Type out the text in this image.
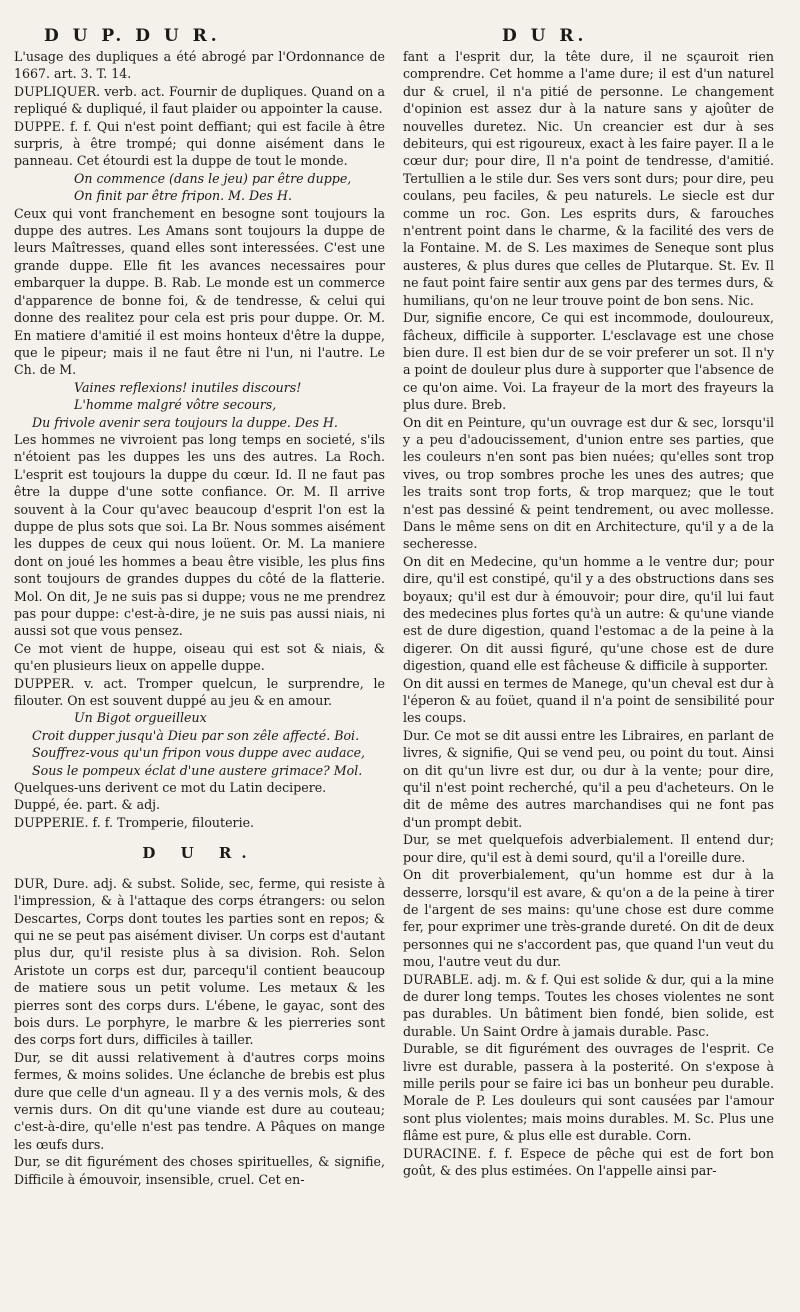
D U P. D U R.	D U R.

L'usage des dupliques a été abrogé par l'Ordonnance de 1667. art. 3. T. 14.

DUPLIQUER. verb. act. Fournir de dupliques. Quand on a repliqué & dupliqué, il faut plaider ou appointer la cause.

DUPPE. f. f. Qui n'est point deffiant; qui est facile à être surpris, à être trompé; qui donne aisément dans le panneau. Cet étourdi est la duppe de tout le monde.

On commence (dans le jeu) par être duppe,

On finit par être fripon. M. Des H.

Ceux qui vont franchement en besogne sont toujours la duppe des autres. Les Amans sont toujours la duppe de leurs Maîtresses, quand elles sont interessées. C'est une grande duppe. Elle fit les avances necessaires pour embarquer la duppe. B. Rab. Le monde est un commerce d'apparence de bonne foi, & de tendresse, & celui qui donne des realitez pour cela est pris pour duppe. Or. M. En matiere d'amitié il est moins honteux d'être la duppe, que le pipeur; mais il ne faut être ni l'un, ni l'autre. Le Ch. de M.

Vaines reflexions! inutiles discours!

L'homme malgré vôtre secours,

Du frivole avenir sera toujours la duppe. Des H.

Les hommes ne vivroient pas long temps en societé, s'ils n'étoient pas les duppes les uns des autres. La Roch. L'esprit est toujours la duppe du cœur. Id. Il ne faut pas être la duppe d'une sotte confiance. Or. M. Il arrive souvent à la Cour qu'avec beaucoup d'esprit l'on est la duppe de plus sots que soi. La Br. Nous sommes aisément les duppes de ceux qui nous loüent. Or. M. La maniere dont on joué les hommes a beau être visible, les plus fins sont toujours de grandes duppes du côté de la flatterie. Mol. On dit, Je ne suis pas si duppe; vous ne me prendrez pas pour duppe: c'est-à-dire, je ne suis pas aussi niais, ni aussi sot que vous pensez.

Ce mot vient de huppe, oiseau qui est sot & niais, & qu'en plusieurs lieux on appelle duppe.

DUPPER. v. act. Tromper quelcun, le surprendre, le filouter. On est souvent duppé au jeu & en amour.

Un Bigot orgueilleux

Croit dupper jusqu'à Dieu par son zêle affecté. Boi.

Souffrez-vous qu'un fripon vous duppe avec audace,

Sous le pompeux éclat d'une austere grimace? Mol.

Quelques-uns derivent ce mot du Latin decipere.

Duppé, ée. part. & adj.

DUPPERIE. f. f. Tromperie, filouterie.

D U R.

DUR, Dure. adj. & subst. Solide, sec, ferme, qui resiste à l'impression, & à l'attaque des corps étrangers: ou selon Descartes, Corps dont toutes les parties sont en repos; & qui ne se peut pas aisément diviser. Un corps est d'autant plus dur, qu'il resiste plus à sa division. Roh. Selon Aristote un corps est dur, parcequ'il contient beaucoup de matiere sous un petit volume. Les metaux & les pierres sont des corps durs. L'ébene, le gayac, sont des bois durs. Le porphyre, le marbre & les pierreries sont des corps fort durs, difficiles à tailler.

Dur, se dit aussi relativement à d'autres corps moins fermes, & moins solides. Une éclanche de brebis est plus dure que celle d'un agneau. Il y a des vernis mols, & des vernis durs. On dit qu'une viande est dure au couteau; c'est-à-dire, qu'elle n'est pas tendre. A Pâques on mange les œufs durs.

Dur, se dit figurément des choses spirituelles, & signifie, Difficile à émouvoir, insensible, cruel. Cet en-

fant a l'esprit dur, la tête dure, il ne sçauroit rien comprendre. Cet homme a l'ame dure; il est d'un naturel dur & cruel, il n'a pitié de personne. Le changement d'opinion est assez dur à la nature sans y ajoûter de nouvelles duretez. Nic. Un creancier est dur à ses debiteurs, qui est rigoureux, exact à les faire payer. Il a le cœur dur; pour dire, Il n'a point de tendresse, d'amitié. Tertullien a le stile dur. Ses vers sont durs; pour dire, peu coulans, peu faciles, & peu naturels. Le siecle est dur comme un roc. Gon. Les esprits durs, & farouches n'entrent point dans le charme, & la facilité des vers de la Fontaine. M. de S. Les maximes de Seneque sont plus austeres, & plus dures que celles de Plutarque. St. Ev. Il ne faut point faire sentir aux gens par des termes durs, & humilians, qu'on ne leur trouve point de bon sens. Nic.

Dur, signifie encore, Ce qui est incommode, douloureux, fâcheux, difficile à supporter. L'esclavage est une chose bien dure. Il est bien dur de se voir preferer un sot. Il n'y a point de douleur plus dure à supporter que l'absence de ce qu'on aime. Voi. La frayeur de la mort des frayeurs la plus dure. Breb.

On dit en Peinture, qu'un ouvrage est dur & sec, lorsqu'il y a peu d'adoucissement, d'union entre ses parties, que les couleurs n'en sont pas bien nuées; qu'elles sont trop vives, ou trop sombres proche les unes des autres; que les traits sont trop forts, & trop marquez; que le tout n'est pas dessiné & peint tendrement, ou avec mollesse. Dans le même sens on dit en Architecture, qu'il y a de la secheresse.

On dit en Medecine, qu'un homme a le ventre dur; pour dire, qu'il est constipé, qu'il y a des obstructions dans ses boyaux; qu'il est dur à émouvoir; pour dire, qu'il lui faut des medecines plus fortes qu'à un autre: & qu'une viande est de dure digestion, quand l'estomac a de la peine à la digerer. On dit aussi figuré, qu'une chose est de dure digestion, quand elle est fâcheuse & difficile à supporter.

On dit aussi en termes de Manege, qu'un cheval est dur à l'éperon & au foüet, quand il n'a point de sensibilité pour les coups.

Dur. Ce mot se dit aussi entre les Libraires, en parlant de livres, & signifie, Qui se vend peu, ou point du tout. Ainsi on dit qu'un livre est dur, ou dur à la vente; pour dire, qu'il n'est point recherché, qu'il a peu d'acheteurs. On le dit de même des autres marchandises qui ne font pas d'un prompt debit.

Dur, se met quelquefois adverbialement. Il entend dur; pour dire, qu'il est à demi sourd, qu'il a l'oreille dure.

On dit proverbialement, qu'un homme est dur à la desserre, lorsqu'il est avare, & qu'on a de la peine à tirer de l'argent de ses mains: qu'une chose est dure comme fer, pour exprimer une très-grande dureté. On dit de deux personnes qui ne s'accordent pas, que quand l'un veut du mou, l'autre veut du dur.

DURABLE. adj. m. & f. Qui est solide & dur, qui a la mine de durer long temps. Toutes les choses violentes ne sont pas durables. Un bâtiment bien fondé, bien solide, est durable. Un Saint Ordre à jamais durable. Pasc.

Durable, se dit figurément des ouvrages de l'esprit. Ce livre est durable, passera à la posterité. On s'expose à mille perils pour se faire ici bas un bonheur peu durable. Morale de P. Les douleurs qui sont causées par l'amour sont plus violentes; mais moins durables. M. Sc. Plus une flâme est pure, & plus elle est durable. Corn.

DURACINE. f. f. Espece de pêche qui est de fort bon goût, & des plus estimées. On l'appelle ainsi par-
